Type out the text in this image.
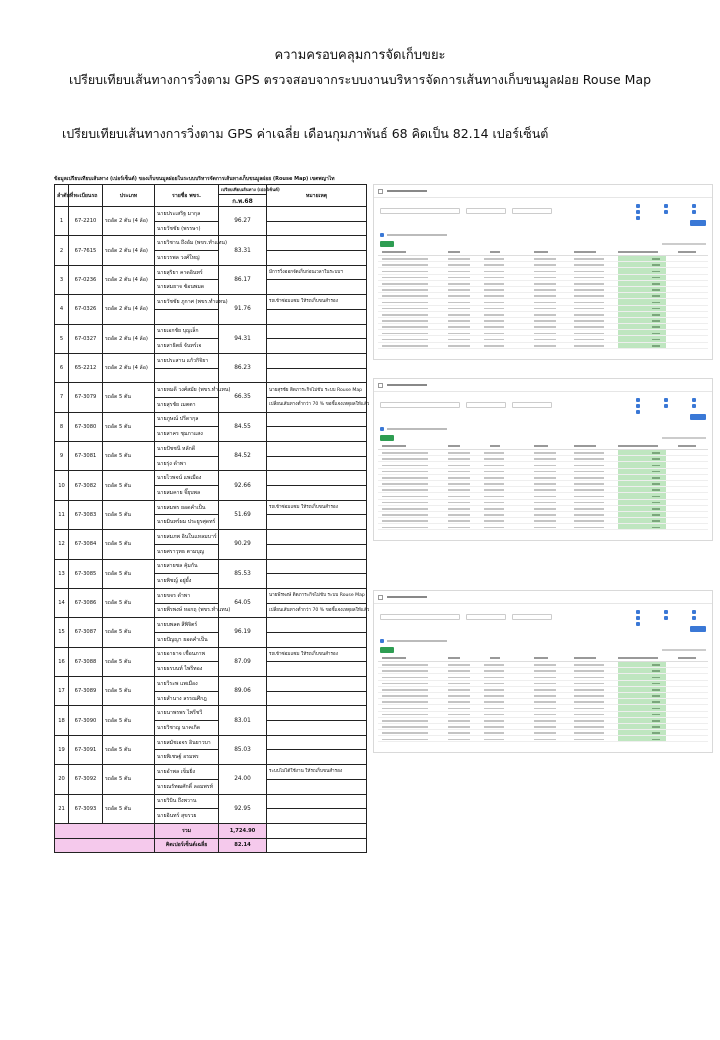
ความครอบคลุมการจัดเก็บขยะ
เปรียบเทียบเส้นทางการวิ่งตาม GPS ตรวจสอบจากระบบงานบริหารจัดการเส้นทางเก็บขนมูลฝอย Rouse Map
เปรียบเทียบเส้นทางการวิ่งตาม GPS ค่าเฉลี่ย เดือนกุมภาพันธ์ 68 คิดเป็น 82.14 เปอร์เซ็นต์
ข้อมูลเปรียบเทียบเส้นทาง (เปอร์เซ็นต์) ของเก็บขนมูลฝอยในระบบบริหารจัดการเส้นทางเก็บขนมูลฝอย (Rouse Map) เขตพญาไท
ลำดับที่	ทะเบียนรถ	ประเภท	รายชื่อ พขร.	เปรียบเทียบเส้นทาง (เปอร์เซ็นต์)	หมายเหตุ
				ก.พ.68	
1	67-2210	รถอัด 2 ตัน (4 ล้อ)	นายประเสริฐ มากุล	96.27	
			นายวัชชัย (พรรษา)		
2	67-7615	รถอัด 2 ตัน (4 ล้อ)	นายวิชาน ถึงอัม (พขร.ทำแทน)	83.31	
			นายวรพล วงศ์ใหญ่		
3	67-0236	รถอัด 2 ตัน (4 ล้อ)	นายสุริยา คาดอินทร์	86.17	มีการวิ่งออกจัดเก็บก่อนเวลาในระบบฯ
			นายสมยาจ ซ้อนพมด		
4	67-0326	รถอัด 2 ตัน (4 ล้อ)	นายวัชชัย ภูกาศ (พขร.ทำแทน)	91.76	รถเข้าซ่อมแซม ให้รถเก็บขนสำรอง

5	67-0327	รถอัด 2 ตัน (4 ล้อ)	นายเอกชัย บุญเล็ก	94.31	
			นายสาธิตย์ จันทร์เจ		
6	65-2212	รถอัด 2 ตัน (4 ล้อ)	นายประสาน แก้วกิจิยา	86.23	

7	67-3079	รถอัด 5 ตัน	นายหมดี วงศ์สมัย (พขร.ทำแทน)	66.35	นายสุรชัย ติดภาระกิจไม่ขับ ระบบ Rouse Map
			นายสุรชัย เมตตา		เปลี่ยนเส้นทางต่ำกว่า 70 % ขอชี้แจงเหตุผลให้แล้ว
8	67-3080	รถอัด 5 ตัน	นายภูษณ์ ปรีดากุล	84.55	
			นายสาคร ชุมภาแสง		
9	67-3081	รถอัด 5 ตัน	นายปัชชนี หลักดี	84.52	
			นายรุ่ง ดำพา		
10	67-3082	รถอัด 5 ตัน	นายไวพจน์ แพเมือง	92.66	
			นายสมคาย จี๊ยุบพล		
11	67-3083	รถอัด 5 ตัน	นายสมพร ยอดคำเป็น	51.69	รถเข้าซ่อมแซม ให้รถเก็บขนสำรอง
			นายมินทร์ผม ประยูรศุดทร์		
12	67-3084	รถอัด 5 ตัน	นายสมภพ อินในแหลมบาร์	90.29	
			นายศราวุทธ ตามบุญ		
13	67-3085	รถอัด 5 ตัน	นายสายชล คุ้มกัน	85.53	
			นายพิชญ์ อยู่ยั้ง		
14	67-3086	รถอัด 5 ตัน	นายขจร ดำพา	64.05	นายพีรพงษ์ ติดภาระกิจไม่ขับ ระบบ Rouse Map
			นายพีรพงษ์ หอกฤ (พขร.ทำแทน)		เปลี่ยนเส้นทางต่ำกว่า 70 % ขอชี้แจงเหตุผลให้แล้ว
15	67-3087	รถอัด 5 ตัน	นายบพลต สีพิจิตร์	96.19	
			นายปัญญา ยอดคำเป็น		
16	67-3088	รถอัด 5 ตัน	นายอาธาจ เชื่อนภาพ	87.09	รถเข้าซ่อมแซม ให้รถเก็บขนสำรอง
			นายธรบนท์ ไพรีทอง		
17	67-3089	รถอัด 5 ตัน	นายวีระพ แพเมือง	89.06	
			นายสำนาง ลรรณศึกฎ		
18	67-3090	รถอัด 5 ตัน	นายนาพรพร ไพรีชวี	83.01	
			นายวิชาญ นาคเกิด		
19	67-3091	รถอัด 5 ตัน	นายสมัชเอจร อินยาวบา	85.03	
			นายพิเชษฐ์ อรมพร		
20	67-3092	รถอัด 5 ตัน	นายอำพล เข็มยิ่ง	24.00	ระบบไม่ได้ใช้งาน ให้รถเก็บขนสำรอง
			นายณรัทฒศักดิ์ ลอมพรท์		
21	67-3093	รถอัด 5 ตัน	นายวิบิน ถึงพวาน	92.95	
			นายอินทร์ สุขรวย		
			รวม	1,724.90	
			คิดเปอร์เซ็นต์เฉลี่ย	82.14	
